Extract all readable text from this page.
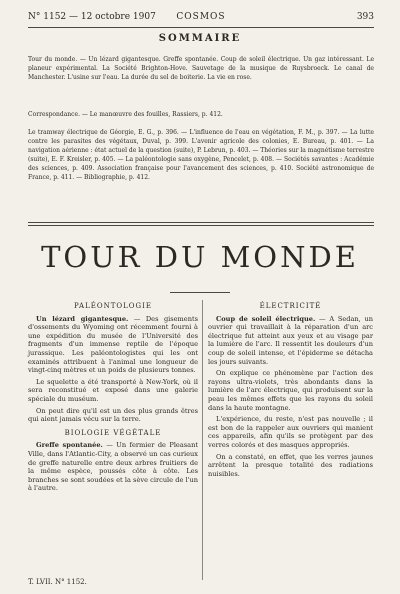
N° 1152 — 12 octobre 1907	COSMOS	393
SOMMAIRE
Tour du monde. — Un lézard gigantesque. Greffe spontanée. Coup de soleil électrique. Un gaz intéressant. Le planeur expérimental. La Société Brighton-Hove. Sauvetage de la musique de Ruysbroeck. Le canal de Manchester. L'usine sur l'eau. La durée du sel de boiterie. La vie en rose.
Correspondance. — Le manœuvre des fouilles, Rassiers, p. 412.
Le tramway électrique de Géorgie, E. G., p. 396. — L'influence de l'eau en végétation, F. M., p. 397. — La lutte contre les parasites des végétaux, Duval, p. 399. L'avenir agricole des colonies, E. Bureau, p. 401. — La navigation aérienne : état actuel de la question (suite), P. Lebrun, p. 403. — Théories sur la magnétisme terrestre (suite), E. F. Kreisler, p. 405. — La paléontologie sans oxygène, Pencelet, p. 408. — Sociétés savantes : Académie des sciences, p. 409. Association française pour l'avancement des sciences, p. 410. Société astronomique de France, p. 411. — Bibliographie, p. 412.
TOUR DU MONDE
PALÉONTOLOGIE

Un lézard gigantesque. — Des gisements d'ossements du Wyoming ont récemment fourni à une expédition du musée de l'Université des fragments d'un immense reptile de l'époque jurassique. Les paléontologistes qui les ont examinés attribuent à l'animal une longueur de vingt-cinq mètres et un poids de plusieurs tonnes.

Le squelette a été transporté à New-York, où il sera reconstitué et exposé dans une galerie spéciale du muséum.

On peut dire qu'il est un des plus grands êtres qui aient jamais vécu sur la terre.

BIOLOGIE VÉGÉTALE

Greffe spontanée. — Un fermier de Pleasant Ville, dans l'Atlantic-City, a observé un cas curieux de greffe naturelle entre deux arbres fruitiers de la même espèce, poussés côte à côte. Les branches se sont soudées et la sève circule de l'un à l'autre.

ÉLECTRICITÉ

Coup de soleil électrique. — A Sedan, un ouvrier qui travaillait à la réparation d'un arc électrique fut atteint aux yeux et au visage par la lumière de l'arc. Il ressentit les douleurs d'un coup de soleil intense, et l'épiderme se détacha les jours suivants.

On explique ce phénomène par l'action des rayons ultra-violets, très abondants dans la lumière de l'arc électrique, qui produisent sur la peau les mêmes effets que les rayons du soleil dans la haute montagne.

L'expérience, du reste, n'est pas nouvelle ; il est bon de la rappeler aux ouvriers qui manient ces appareils, afin qu'ils se protègent par des verres colorés et des masques appropriés.

On a constaté, en effet, que les verres jaunes arrêtent la presque totalité des radiations nuisibles.

T. LVII. N° 1152.
